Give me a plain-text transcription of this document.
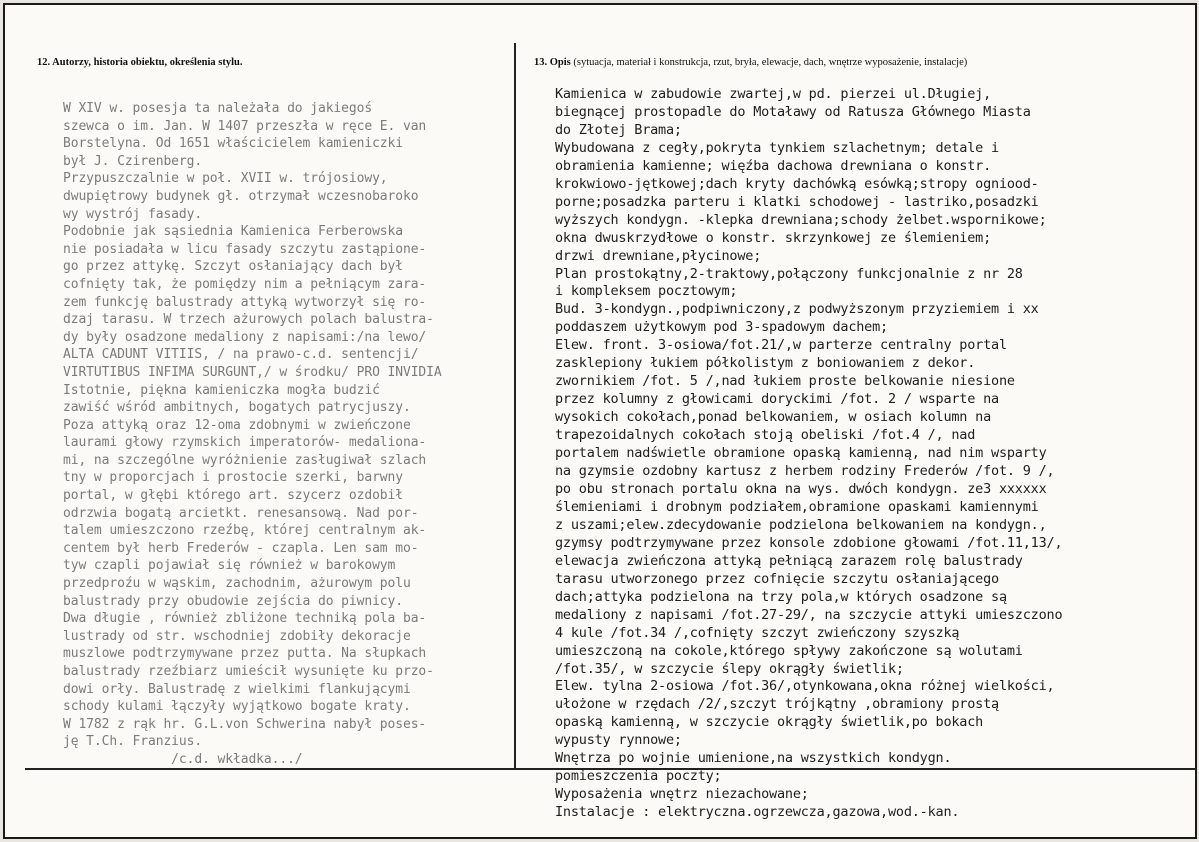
12. Autorzy, historia obiektu, określenia stylu.	13. Opis (sytuacja, materiał i konstrukcja, rzut, bryła, elewacje, dach, wnętrze wyposażenie, instalacje)
W XIV w. posesja ta należała do jakiegoś
szewca o im. Jan. W 1407 przeszła w ręce E. van
Borstelyna. Od 1651 właścicielem kamieniczki
był J. Czirenberg.
Przypuszczalnie w poł. XVII w. trójosiowy,
dwupiętrowy budynek gł. otrzymał wczesnobaroko
wy wystrój fasady.
Podobnie jak sąsiednia Kamienica Ferberowska
nie posiadała w licu fasady szczytu zastąpione-
go przez attykę. Szczyt osłaniający dach był
cofnięty tak, że pomiędzy nim a pełniącym zara-
zem funkcję balustrady attyką wytworzył się ro-
dzaj tarasu. W trzech ażurowych polach balustra-
dy były osadzone medaliony z napisami:/na lewo/
ALTA CADUNT VITIIS, / na prawo-c.d. sentencji/
VIRTUTIBUS INFIMA SURGUNT,/ w środku/ PRO INVIDIA
Istotnie, piękna kamieniczka mogła budzić
zawiść wśród ambitnych, bogatych patrycjuszy.
Poza attyką oraz 12-oma zdobnymi w zwieńczone
laurami głowy rzymskich imperatorów- medaliona-
mi, na szczególne wyróżnienie zasługiwał szlach
tny w proporcjach i prostocie szerki, barwny
portal, w głębi którego art. szycerz ozdobił
odrzwia bogatą arcietkt. renesansową. Nad por-
talem umieszczono rzeźbę, której centralnym ak-
centem był herb Frederów - czapla. Len sam mo-
tyw czapli pojawiał się również w barokowym
przedproźu w wąskim, zachodnim, ażurowym polu
balustrady przy obudowie zejścia do piwnicy.
Dwa długie , również zbliżone techniką pola ba-
lustrady od str. wschodniej zdobiły dekoracje
muszlowe podtrzymywane przez putta. Na słupkach
balustrady rzeźbiarz umieścił wysunięte ku przo-
dowi orły. Balustradę z wielkimi flankującymi
schody kulami łączyły wyjątkowo bogate kraty.
W 1782 z rąk hr. G.L.von Schwerina nabył poses-
ję T.Ch. Franzius.
/c.d. wkładka.../
Kamienica w zabudowie zwartej,w pd. pierzei ul.Długiej,
biegnącej prostopadle do Motaławy od Ratusza Głównego Miasta
do Złotej Brama;
Wybudowana z cegły,pokryta tynkiem szlachetnym; detale i
obramienia kamienne; więźba dachowa drewniana o konstr.
krokwiowo-jętkowej;dach kryty dachówką esówką;stropy ogniood-
porne;posadzka parteru i klatki schodowej - lastriko,posadzki
wyższych kondygn. -klepka drewniana;schody żelbet.wspornikowe;
okna dwuskrzydłowe o konstr. skrzynkowej ze ślemieniem;
drzwi drewniane,płycinowe;
Plan prostokątny,2-traktowy,połączony funkcjonalnie z nr 28
i kompleksem pocztowym;
Bud. 3-kondygn.,podpiwniczony,z podwyższonym przyziemiem i xx
poddaszem użytkowym pod 3-spadowym dachem;
Elew. front. 3-osiowa/fot.21/,w parterze centralny portal
zasklepiony łukiem półkolistym z boniowaniem z dekor.
zwornikiem /fot. 5 /,nad łukiem proste belkowanie niesione
przez kolumny z głowicami doryckimi /fot. 2 / wsparte na
wysokich cokołach,ponad belkowaniem, w osiach kolumn na
trapezoidalnych cokołach stoją obeliski /fot.4 /, nad
portalem nadświetle obramione opaską kamienną, nad nim wsparty
na gzymsie ozdobny kartusz z herbem rodziny Frederów /fot. 9 /,
po obu stronach portalu okna na wys. dwóch kondygn. ze3 xxxxxx
ślemieniami i drobnym podziałem,obramione opaskami kamiennymi
z uszami;elew.zdecydowanie podzielona belkowaniem na kondygn.,
gzymsy podtrzymywane przez konsole zdobione głowami /fot.11,13/,
elewacja zwieńczona attyką pełniącą zarazem rolę balustrady
tarasu utworzonego przez cofnięcie szczytu osłaniającego
dach;attyka podzielona na trzy pola,w których osadzone są
medaliony z napisami /fot.27-29/, na szczycie attyki umieszczono
4 kule /fot.34 /,cofnięty szczyt zwieńczony szyszką
umieszczoną na cokole,którego spływy zakończone są wolutami
/fot.35/, w szczycie ślepy okrągły świetlik;
Elew. tylna 2-osiowa /fot.36/,otynkowana,okna różnej wielkości,
ułożone w rzędach /2/,szczyt trójkątny ,obramiony prostą
opaską kamienną, w szczycie okrągły świetlik,po bokach
wypusty rynnowe;
Wnętrza po wojnie umienione,na wszystkich kondygn.
pomieszczenia poczty;
Wyposażenia wnętrz niezachowane;
Instalacje : elektryczna.ogrzewcza,gazowa,wod.-kan.
